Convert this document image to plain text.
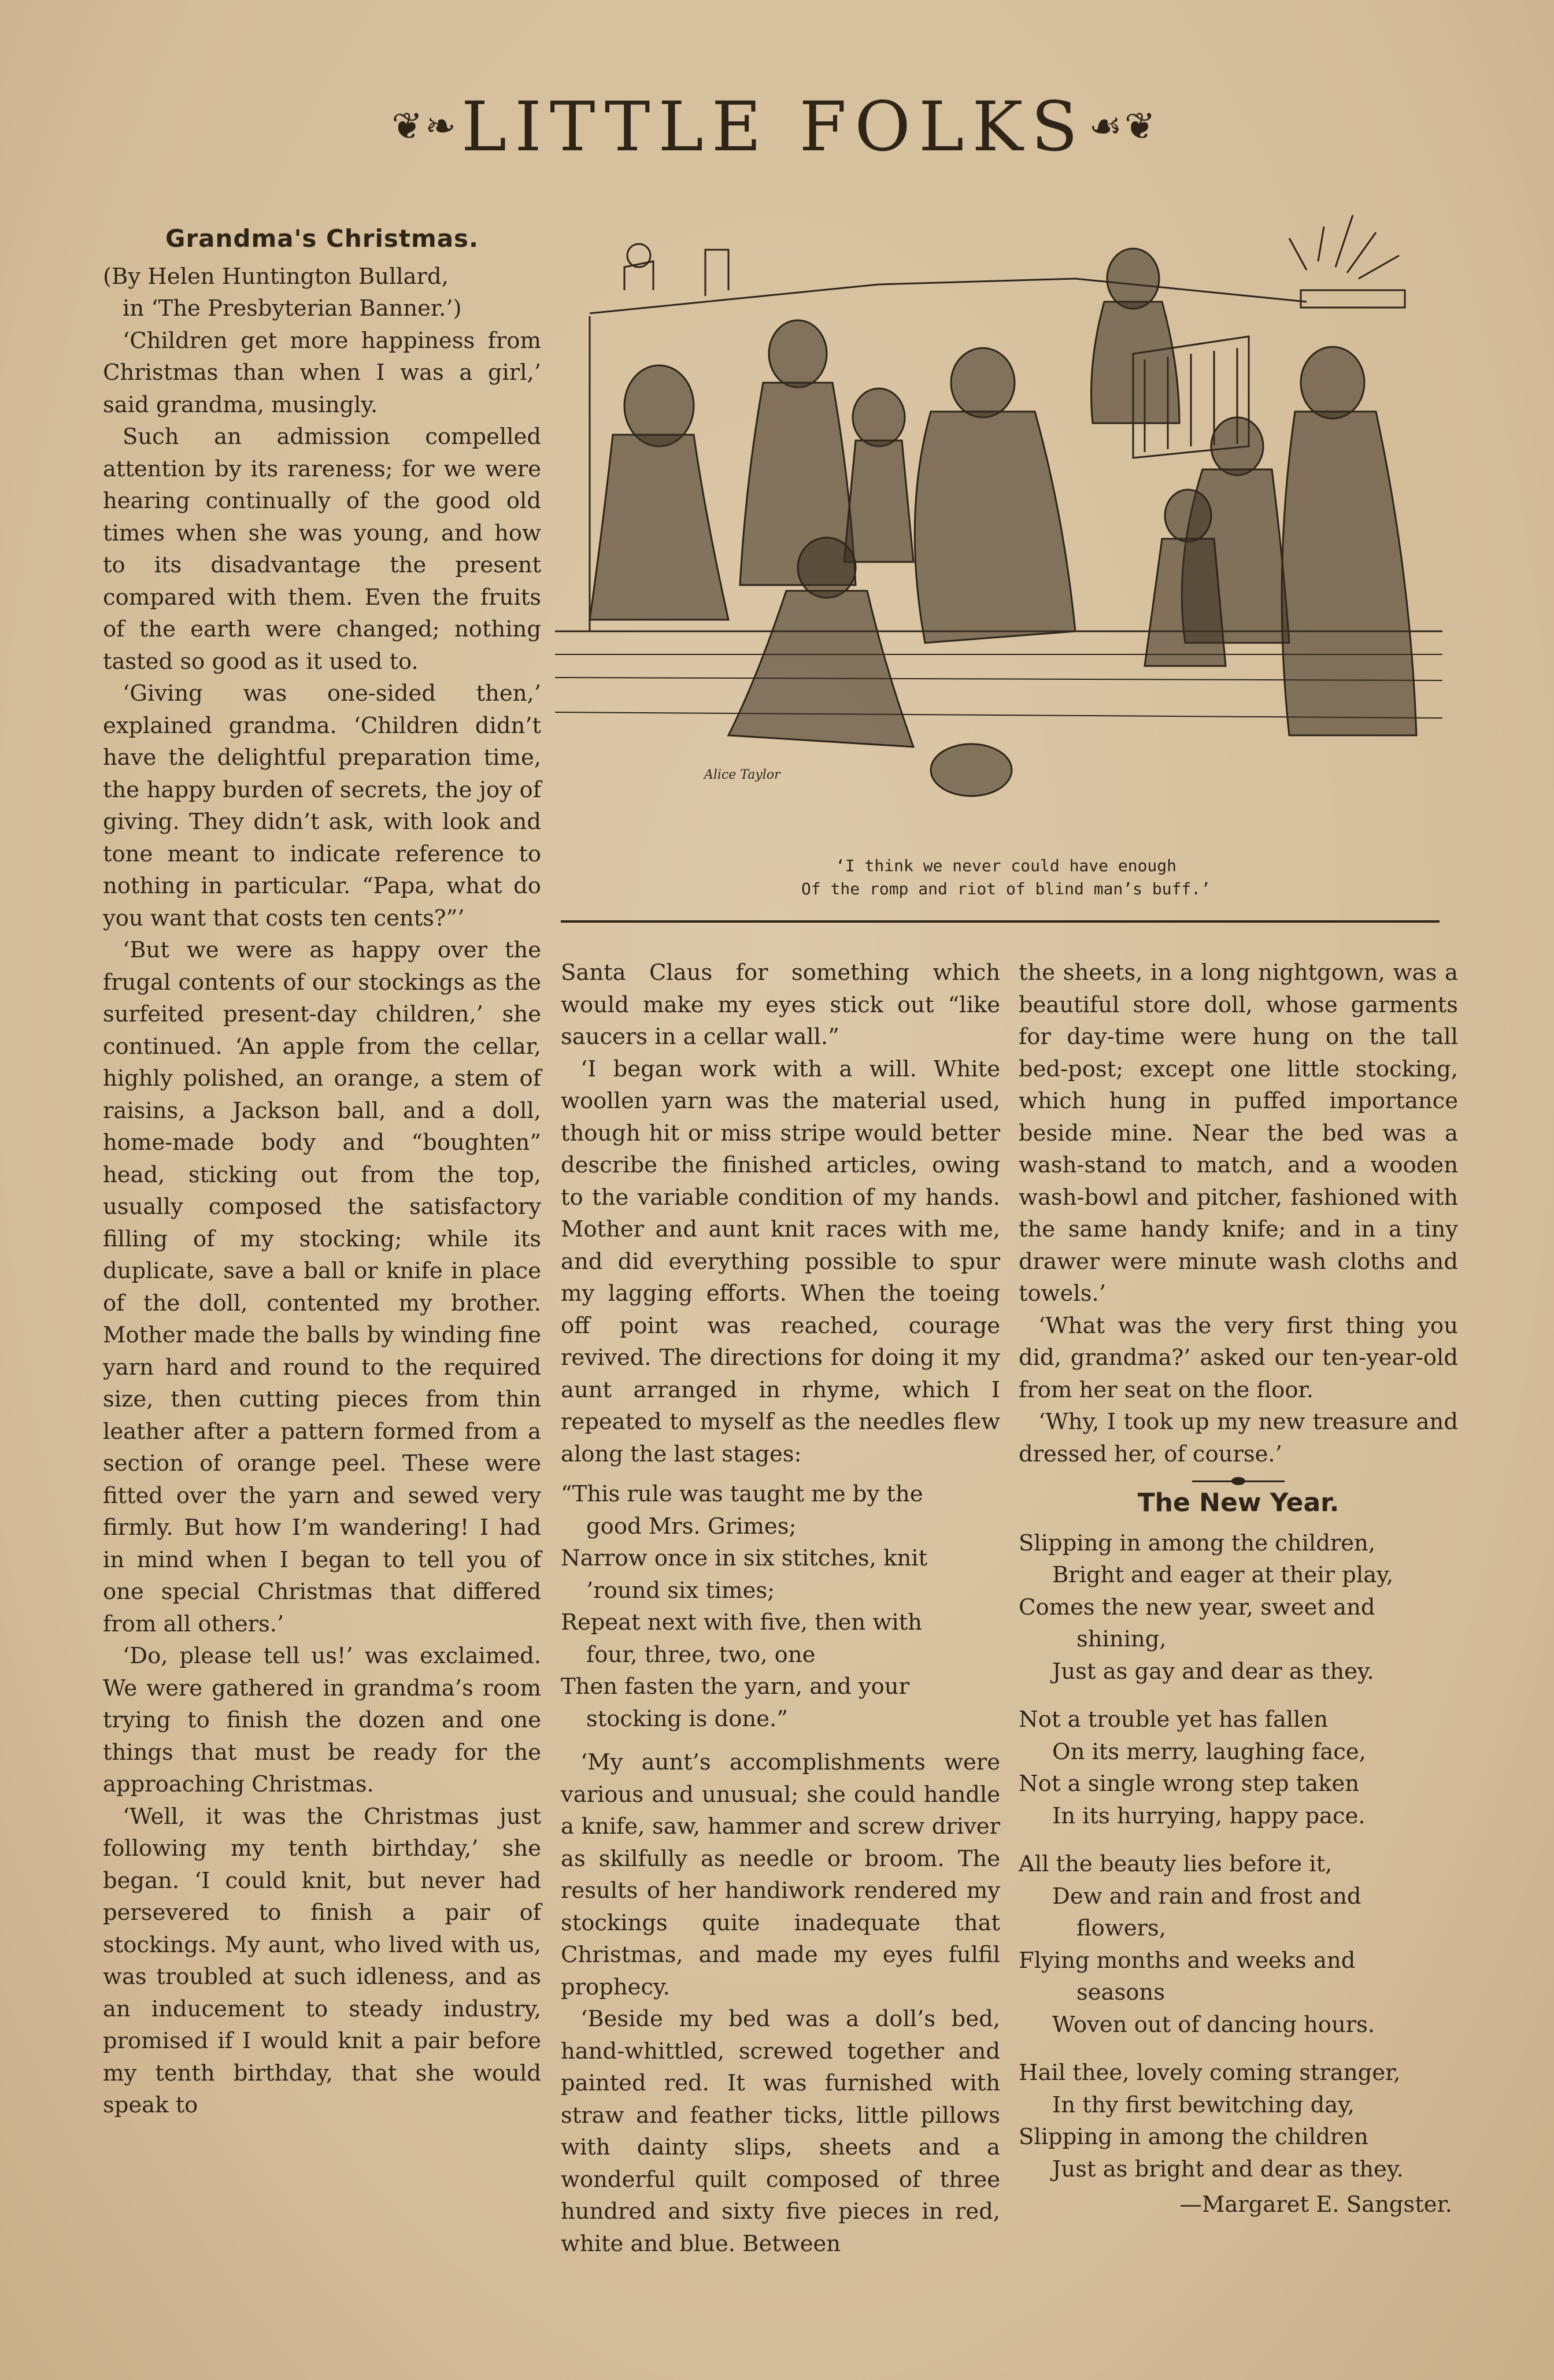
❦❧ LITTLE FOLKS ☙❦
Grandma's Christmas.

(By Helen Huntington Bullard,

in ‘The Presbyterian Banner.’)

‘Children get more happiness from Christmas than when I was a girl,’ said grandma, musingly.

Such an admission compelled attention by its rareness; for we were hearing continually of the good old times when she was young, and how to its disadvantage the present compared with them. Even the fruits of the earth were changed; nothing tasted so good as it used to.

‘Giving was one-sided then,’ explained grandma. ‘Children didn’t have the delightful preparation time, the happy burden of secrets, the joy of giving. They didn’t ask, with look and tone meant to indicate reference to nothing in particular. “Papa, what do you want that costs ten cents?”’

‘But we were as happy over the frugal contents of our stockings as the surfeited present-day children,’ she continued. ‘An apple from the cellar, highly polished, an orange, a stem of raisins, a Jackson ball, and a doll, home-made body and “boughten” head, sticking out from the top, usually composed the satisfactory filling of my stocking; while its duplicate, save a ball or knife in place of the doll, contented my brother. Mother made the balls by winding fine yarn hard and round to the required size, then cutting pieces from thin leather after a pattern formed from a section of orange peel. These were fitted over the yarn and sewed very firmly. But how I’m wandering! I had in mind when I began to tell you of one special Christmas that differed from all others.’

‘Do, please tell us!’ was exclaimed. We were gathered in grandma’s room trying to finish the dozen and one things that must be ready for the approaching Christmas.

‘Well, it was the Christmas just following my tenth birthday,’ she began. ‘I could knit, but never had persevered to finish a pair of stockings. My aunt, who lived with us, was troubled at such idleness, and as an inducement to steady industry, promised if I would knit a pair before my tenth birthday, that she would speak to

Alice Taylor
‘I think we never could have enough
Of the romp and riot of blind man’s buff.’

Santa Claus for something which would make my eyes stick out “like saucers in a cellar wall.”

‘I began work with a will. White woollen yarn was the material used, though hit or miss stripe would better describe the finished articles, owing to the variable condition of my hands. Mother and aunt knit races with me, and did everything possible to spur my lagging efforts. When the toeing off point was reached, courage revived. The directions for doing it my aunt arranged in rhyme, which I repeated to myself as the needles flew along the last stages:

“This rule was taught me by the
good Mrs. Grimes;
Narrow once in six stitches, knit
’round six times;
Repeat next with five, then with
four, three, two, one
Then fasten the yarn, and your
stocking is done.”

‘My aunt’s accomplishments were various and unusual; she could handle a knife, saw, hammer and screw driver as skilfully as needle or broom. The results of her handiwork rendered my stockings quite inadequate that Christmas, and made my eyes fulfil prophecy.

‘Beside my bed was a doll’s bed, hand-whittled, screwed together and painted red. It was furnished with straw and feather ticks, little pillows with dainty slips, sheets and a wonderful quilt composed of three hundred and sixty five pieces in red, white and blue. Between

the sheets, in a long nightgown, was a beautiful store doll, whose garments for day-time were hung on the tall bed-post; except one little stocking, which hung in puffed importance beside mine. Near the bed was a wash-stand to match, and a wooden wash-bowl and pitcher, fashioned with the same handy knife; and in a tiny drawer were minute wash cloths and towels.’

‘What was the very first thing you did, grandma?’ asked our ten-year-old from her seat on the floor.

‘Why, I took up my new treasure and dressed her, of course.’

The New Year.
Slipping in among the children,
Bright and eager at their play,
Comes the new year, sweet and
shining,
Just as gay and dear as they.
Not a trouble yet has fallen
On its merry, laughing face,
Not a single wrong step taken
In its hurrying, happy pace.
All the beauty lies before it,
Dew and rain and frost and
flowers,
Flying months and weeks and
seasons
Woven out of dancing hours.
Hail thee, lovely coming stranger,
In thy first bewitching day,
Slipping in among the children
Just as bright and dear as they.
—Margaret E. Sangster.
